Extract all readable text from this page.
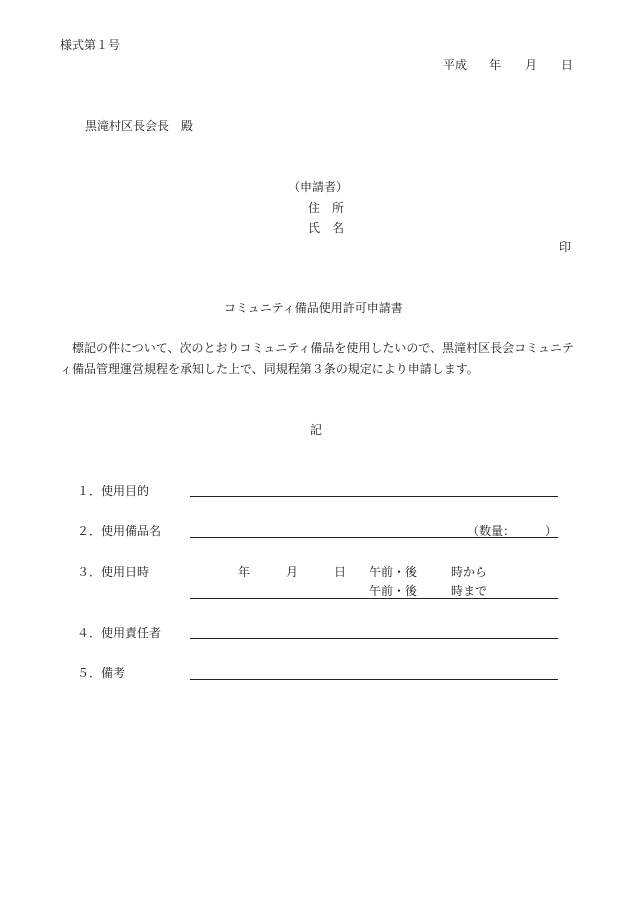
様式第１号
平成 年 月 日
黒滝村区長会長　殿
（申請者）
住　所
氏　名
印
コミュニティ備品使用許可申請書
標記の件について、次のとおりコミュニティ備品を使用したいので、黒滝村区長会コミュニテ
ィ備品管理運営規程を承知した上で、同規程第３条の規定により申請します。
記
１．使用目的
２．使用備品名	（数量：　　　）
３．使用日時	年	月	日 午前・後	時から
午前・後	時まで
４．使用責任者
５．備考
